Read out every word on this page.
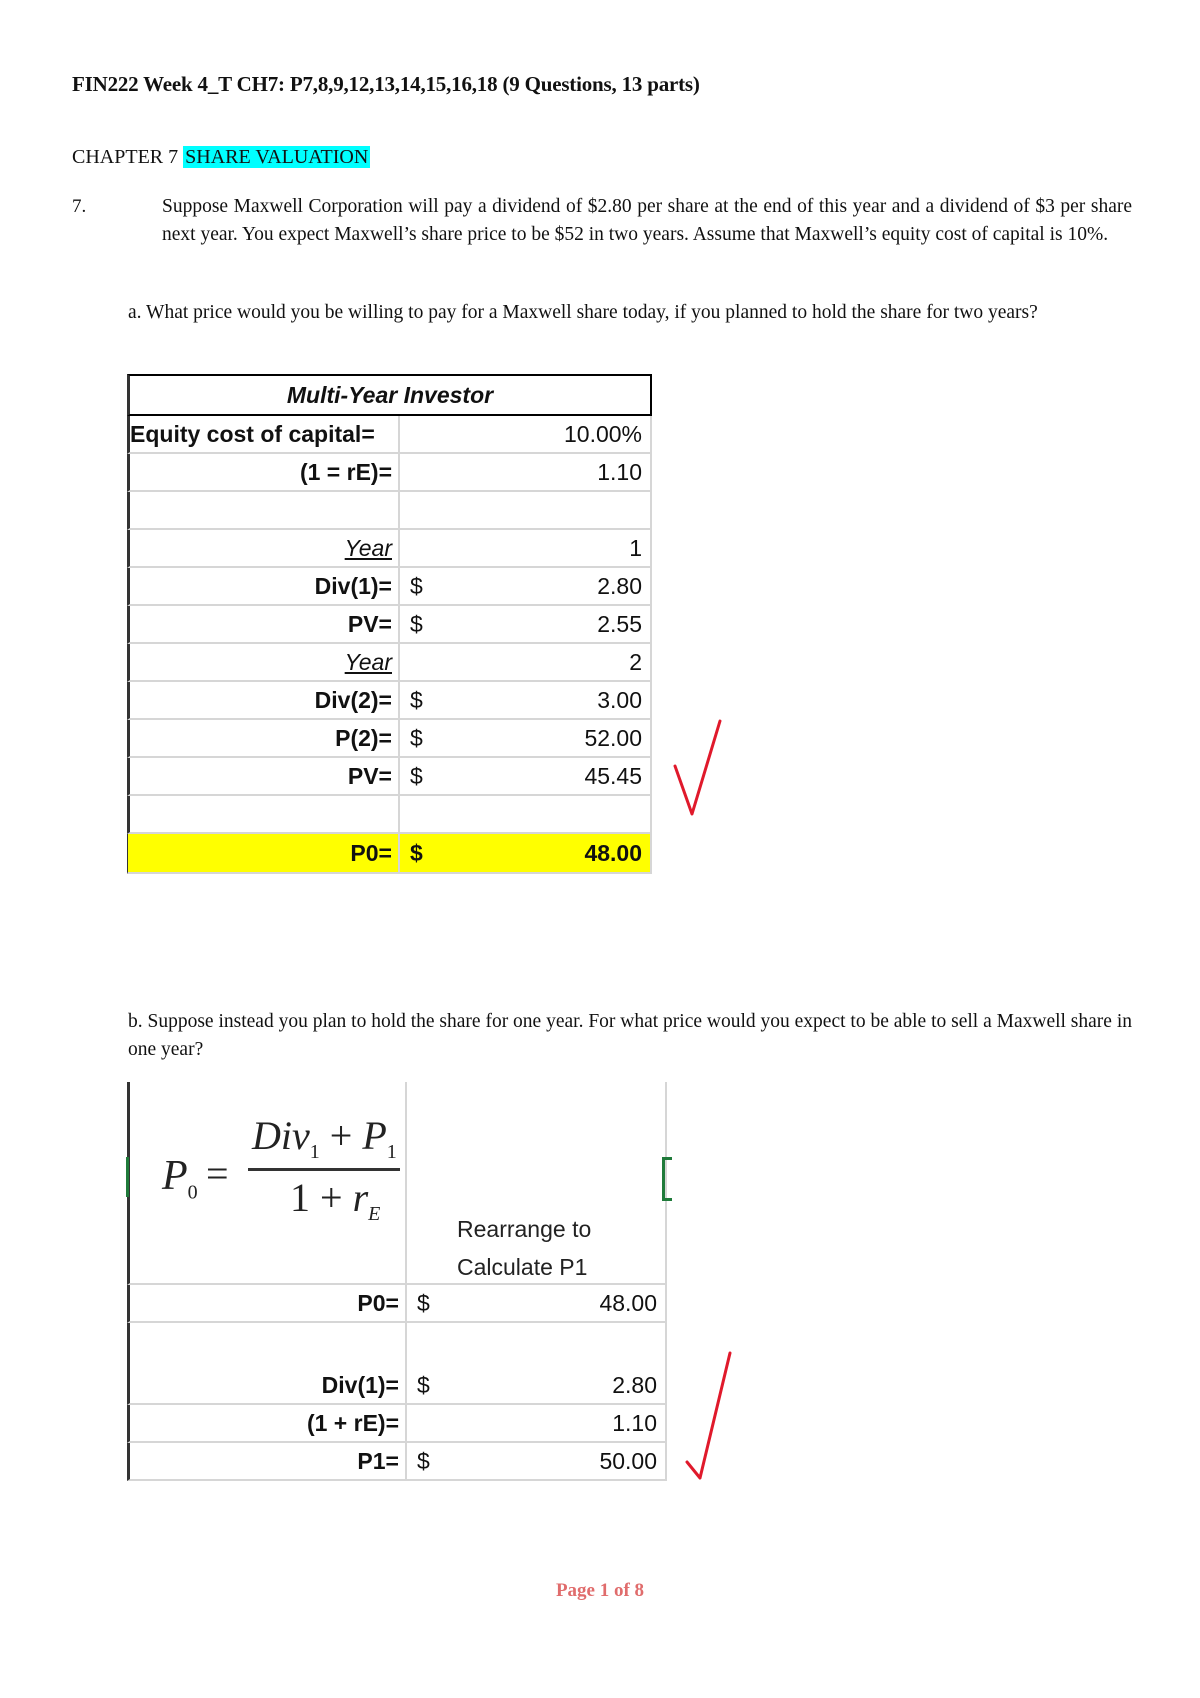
FIN222 Week 4_T CH7: P7,8,9,12,13,14,15,16,18 (9 Questions, 13 parts)
CHAPTER 7 SHARE VALUATION
7.	Suppose Maxwell Corporation will pay a dividend of $2.80 per share at the end of this year and a dividend of $3 per share next year. You expect Maxwell’s share price to be $52 in two years. Assume that Maxwell’s equity cost of capital is 10%.
a. What price would you be willing to pay for a Maxwell share today, if you planned to hold the share for two years?
Multi-Year Investor
Equity cost of capital=	10.00%
(1 = rE)=	1.10
Year	1
Div(1)= $	2.80
PV= $	2.55
Year	2
Div(2)= $	3.00
P(2)= $	52.00
PV= $	45.45
P0= $	48.00
b. Suppose instead you plan to hold the share for one year. For what price would you expect to be able to sell a Maxwell share in one year?
$P_0$ =
$Div_1 + P_1$
$1 + r_E$
Rearrange to
Calculate P1
P0= $	48.00
Div(1)= $	2.80
(1 + rE)=	1.10
P1= $	50.00
Page 1 of 8
